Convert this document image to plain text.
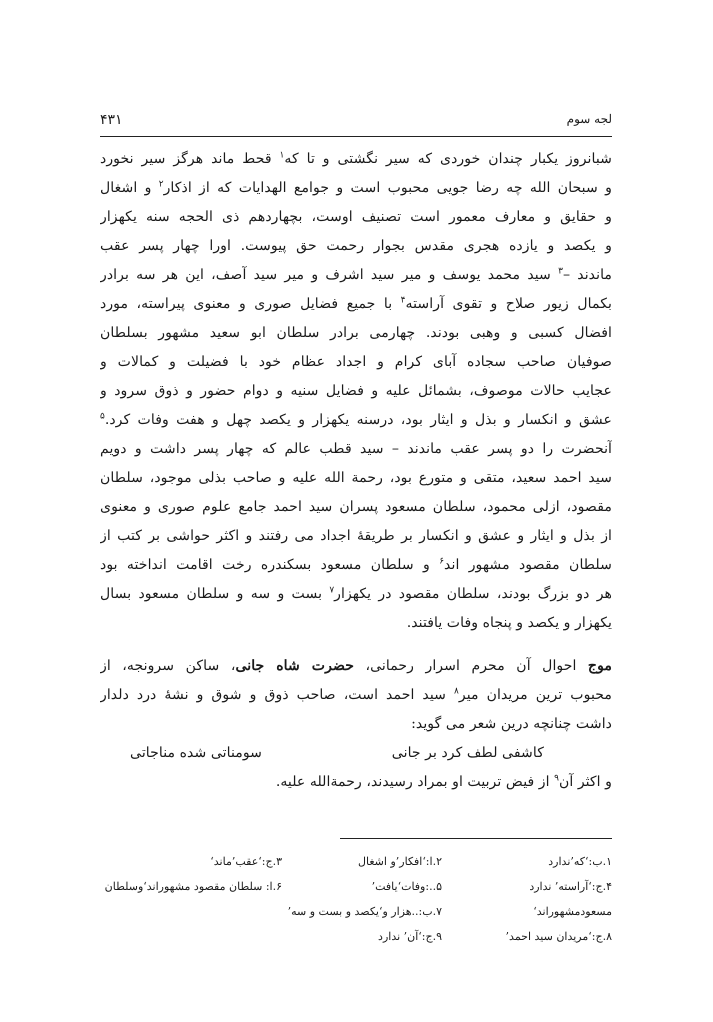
لجه سوم
۴۳۱
شبانروز یکبار چندان خوردی که سیر نگشتی و تا که$^۱$ قحط ماند هرگز سیر نخورد
و سبحان الله چه رضا جویی محبوب است و جوامع الهدایات که از اذکار$^۲$ و اشغال
و حقایق و معارف معمور است تصنیف اوست، بچهاردهم ذی الحجه سنه یکهزار
و یکصد و یازده هجری مقدس بجوار رحمت حق پیوست. اورا چهار پسر عقب
ماندند –$^۳$ سید محمد یوسف و میر سید اشرف و میر سید آصف، این هر سه برادر
بکمال زیور صلاح و تقوی آراسته$^۴$ با جمیع فضایل صوری و معنوی پیراسته، مورد
افضال کسبی و وهبی بودند. چهارمی برادر سلطان ابو سعید مشهور بسلطان
صوفیان صاحب سجاده آبای کرام و اجداد عظام خود با فضیلت و کمالات و
عجایب حالات موصوف، بشمائل علیه و فضایل سنیه و دوام حضور و ذوق سرود و
عشق و انکسار و بذل و ایثار بود، درسنه یکهزار و یکصد چهل و هفت وفات کرد.$^۵$
آنحضرت را دو پسر عقب ماندند – سید قطب عالم که چهار پسر داشت و دویم
سید احمد سعید، متقی و متورع بود، رحمة الله علیه و صاحب بذلی موجود، سلطان
مقصود، ازلی محمود، سلطان مسعود پسران سید احمد جامع علوم صوری و معنوی
از بذل و ایثار و عشق و انکسار بر طریقۀ اجداد می رفتند و اکثر حواشی بر کتب از
سلطان مقصود مشهور اند$^۶$ و سلطان مسعود بسکندره رخت اقامت انداخته بود
هر دو بزرگ بودند، سلطان مقصود در یکهزار$^۷$ بست و سه و سلطان مسعود بسال
یکهزار و یکصد و پنجاه وفات یافتند.
موج احوال آن محرم اسرار رحمانی، حضرت شاه جانی، ساکن سرونجه، از
محبوب ترین مریدان میر$^۸$ سید احمد است، صاحب ذوق و شوق و نشۀ درد دلدار
داشت چنانچه درین شعر می گوید:
کاشفی لطف کرد بر جانی
سومناتی شده مناجاتی
و اکثر آن$^۹$ از فیض تربیت او بمراد رسیدند، رحمةالله علیه.
۱.ب:‘که’ندارد
۲.ا:‘افکار’و اشغال
۳.ج:‘عقب’ماند‘
۴.ج:‘آراسته’ ندارد
۵..:وفات‘یافت’
۶.ا: سلطان مقصود مشهوراند‘وسلطان
مسعودمشهوراند‘
۷.ب:..هزار و‘یکصد و بست و سه’
۸.ج:‘مریدان سید احمد’
۹.ج:‘آن’ ندارد
